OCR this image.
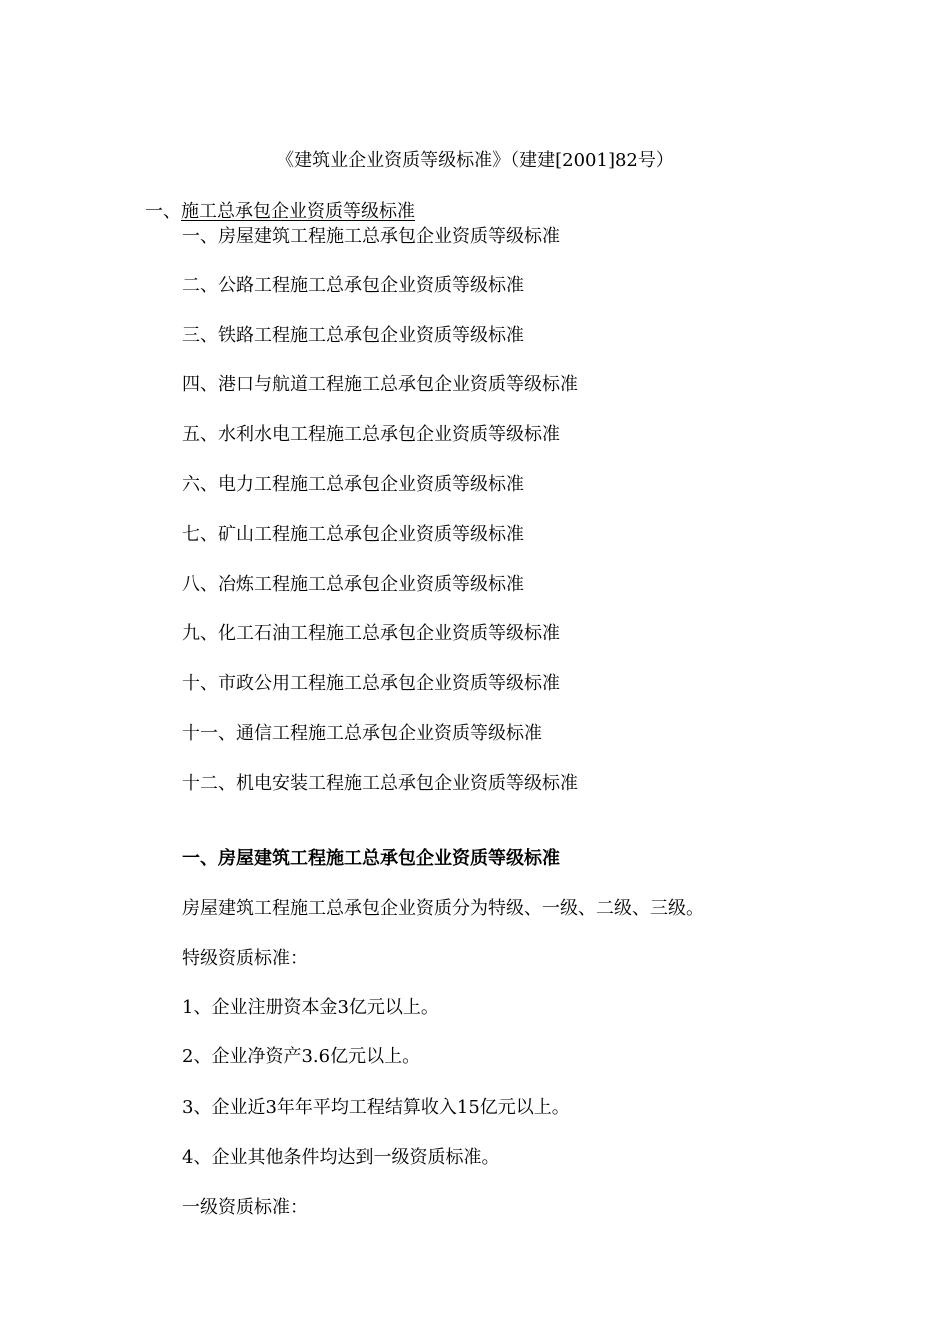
《建筑业企业资质等级标准》（建建[2001]82号）
一、施工总承包企业资质等级标准
一、房屋建筑工程施工总承包企业资质等级标准
二、公路工程施工总承包企业资质等级标准
三、铁路工程施工总承包企业资质等级标准
四、港口与航道工程施工总承包企业资质等级标准
五、水利水电工程施工总承包企业资质等级标准
六、电力工程施工总承包企业资质等级标准
七、矿山工程施工总承包企业资质等级标准
八、冶炼工程施工总承包企业资质等级标准
九、化工石油工程施工总承包企业资质等级标准
十、市政公用工程施工总承包企业资质等级标准
十一、通信工程施工总承包企业资质等级标准
十二、机电安装工程施工总承包企业资质等级标准
一、房屋建筑工程施工总承包企业资质等级标准
房屋建筑工程施工总承包企业资质分为特级、一级、二级、三级。
特级资质标准：
1、企业注册资本金3亿元以上。
2、企业净资产3.6亿元以上。
3、企业近3年年平均工程结算收入15亿元以上。
4、企业其他条件均达到一级资质标准。
一级资质标准：
